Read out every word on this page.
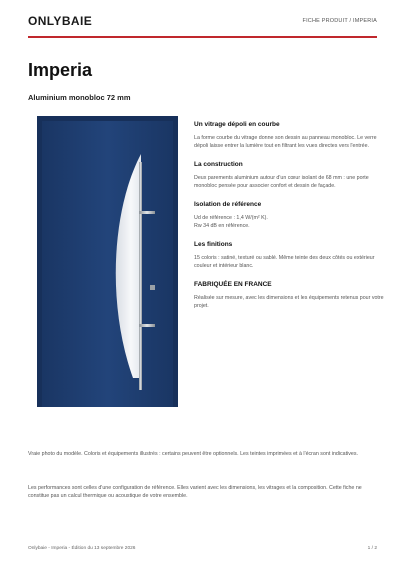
ONLYBAIE	FICHE PRODUIT / IMPERIA
Imperia
Aluminium monobloc 72 mm
Un vitrage dépoli en courbe
La forme courbe du vitrage donne son dessin au panneau monobloc. Le verre dépoli laisse entrer la lumière tout en filtrant les vues directes vers l'entrée.
La construction
Deux parements aluminium autour d'un cœur isolant de 68 mm : une porte monobloc pensée pour associer confort et dessin de façade.
Isolation de référence
Ud de référence : 1,4 W/(m² K).
Rw 34 dB en référence.
Les finitions
15 coloris : satiné, texturé ou sablé. Même teinte des deux côtés ou extérieur couleur et intérieur blanc.
FABRIQUÉE EN FRANCE
Réalisée sur mesure, avec les dimensions et les équipements retenus pour votre projet.
Vraie photo du modèle. Coloris et équipements illustrés : certains peuvent être optionnels. Les teintes imprimées et à l'écran sont indicatives.
Les performances sont celles d'une configuration de référence. Elles varient avec les dimensions, les vitrages et la composition. Cette fiche ne constitue pas un calcul thermique ou acoustique de votre ensemble.
Onlybaie - Imperia - Édition du 13 septembre 2026	1 / 2
